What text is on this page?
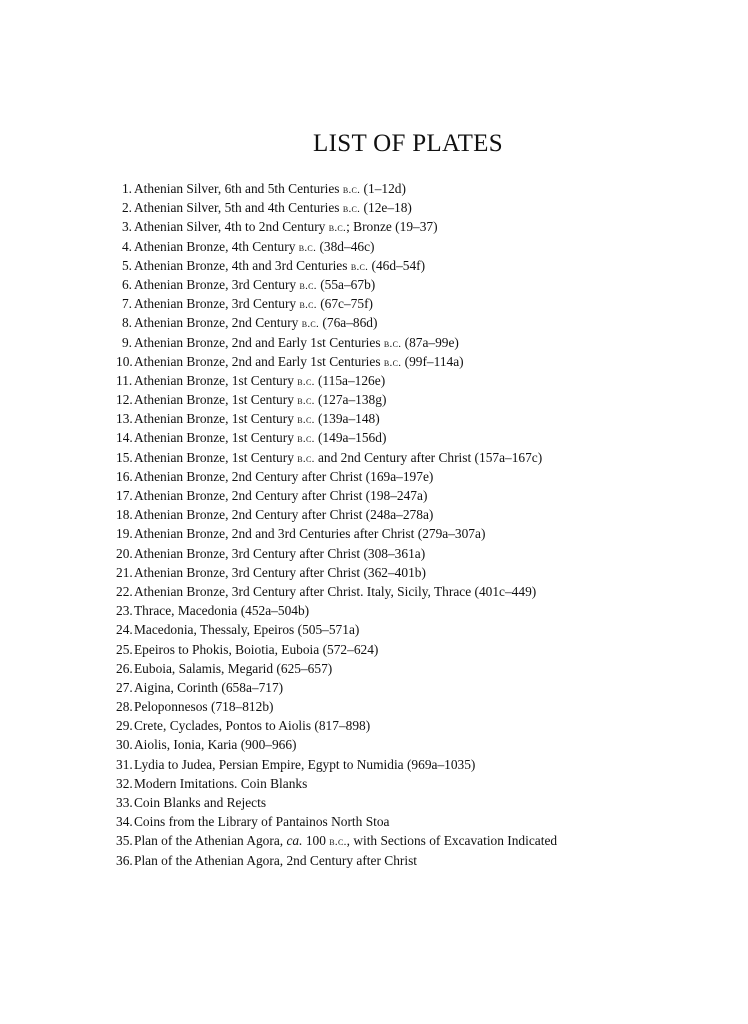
LIST OF PLATES
1. Athenian Silver, 6th and 5th Centuries b.c. (1–12d)
2. Athenian Silver, 5th and 4th Centuries b.c. (12e–18)
3. Athenian Silver, 4th to 2nd Century b.c.; Bronze (19–37)
4. Athenian Bronze, 4th Century b.c. (38d–46c)
5. Athenian Bronze, 4th and 3rd Centuries b.c. (46d–54f)
6. Athenian Bronze, 3rd Century b.c. (55a–67b)
7. Athenian Bronze, 3rd Century b.c. (67c–75f)
8. Athenian Bronze, 2nd Century b.c. (76a–86d)
9. Athenian Bronze, 2nd and Early 1st Centuries b.c. (87a–99e)
10. Athenian Bronze, 2nd and Early 1st Centuries b.c. (99f–114a)
11. Athenian Bronze, 1st Century b.c. (115a–126e)
12. Athenian Bronze, 1st Century b.c. (127a–138g)
13. Athenian Bronze, 1st Century b.c. (139a–148)
14. Athenian Bronze, 1st Century b.c. (149a–156d)
15. Athenian Bronze, 1st Century b.c. and 2nd Century after Christ (157a–167c)
16. Athenian Bronze, 2nd Century after Christ (169a–197e)
17. Athenian Bronze, 2nd Century after Christ (198–247a)
18. Athenian Bronze, 2nd Century after Christ (248a–278a)
19. Athenian Bronze, 2nd and 3rd Centuries after Christ (279a–307a)
20. Athenian Bronze, 3rd Century after Christ (308–361a)
21. Athenian Bronze, 3rd Century after Christ (362–401b)
22. Athenian Bronze, 3rd Century after Christ. Italy, Sicily, Thrace (401c–449)
23. Thrace, Macedonia (452a–504b)
24. Macedonia, Thessaly, Epeiros (505–571a)
25. Epeiros to Phokis, Boiotia, Euboia (572–624)
26. Euboia, Salamis, Megarid (625–657)
27. Aigina, Corinth (658a–717)
28. Peloponnesos (718–812b)
29. Crete, Cyclades, Pontos to Aiolis (817–898)
30. Aiolis, Ionia, Karia (900–966)
31. Lydia to Judea, Persian Empire, Egypt to Numidia (969a–1035)
32. Modern Imitations. Coin Blanks
33. Coin Blanks and Rejects
34. Coins from the Library of Pantainos North Stoa
35. Plan of the Athenian Agora, ca. 100 b.c., with Sections of Excavation Indicated
36. Plan of the Athenian Agora, 2nd Century after Christ
